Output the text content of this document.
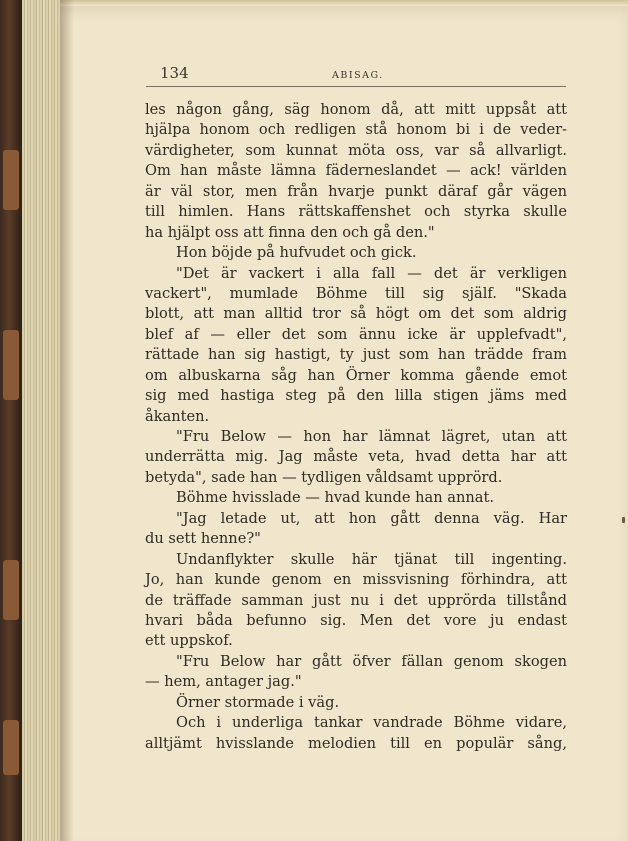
134	ABISAG.
les någon gång, säg honom då, att mitt uppsåt att
hjälpa honom och redligen stå honom bi i de veder-
värdigheter, som kunnat möta oss, var så allvarligt.
Om han måste lämna fäderneslandet — ack! världen
är väl stor, men från hvarje punkt däraf går vägen
till himlen. Hans rättskaffenshet och styrka skulle
ha hjälpt oss att finna den och gå den."
Hon böjde på hufvudet och gick.
"Det är vackert i alla fall — det är verkligen
vackert", mumlade Böhme till sig själf. "Skada
blott, att man alltid tror så högt om det som aldrig
blef af — eller det som ännu icke är upplefvadt",
rättade han sig hastigt, ty just som han trädde fram
om albuskarna såg han Örner komma gående emot
sig med hastiga steg på den lilla stigen jäms med
åkanten.
"Fru Below — hon har lämnat lägret, utan att
underrätta mig. Jag måste veta, hvad detta har att
betyda", sade han — tydligen våldsamt upprörd.
Böhme hvisslade — hvad kunde han annat.
"Jag letade ut, att hon gått denna väg. Har
du sett henne?"
Undanflykter skulle här tjänat till ingenting.
Jo, han kunde genom en missvisning förhindra, att
de träffade samman just nu i det upprörda tillstånd
hvari båda befunno sig. Men det vore ju endast
ett uppskof.
"Fru Below har gått öfver fällan genom skogen
— hem, antager jag."
Örner stormade i väg.
Och i underliga tankar vandrade Böhme vidare,
alltjämt hvisslande melodien till en populär sång,
